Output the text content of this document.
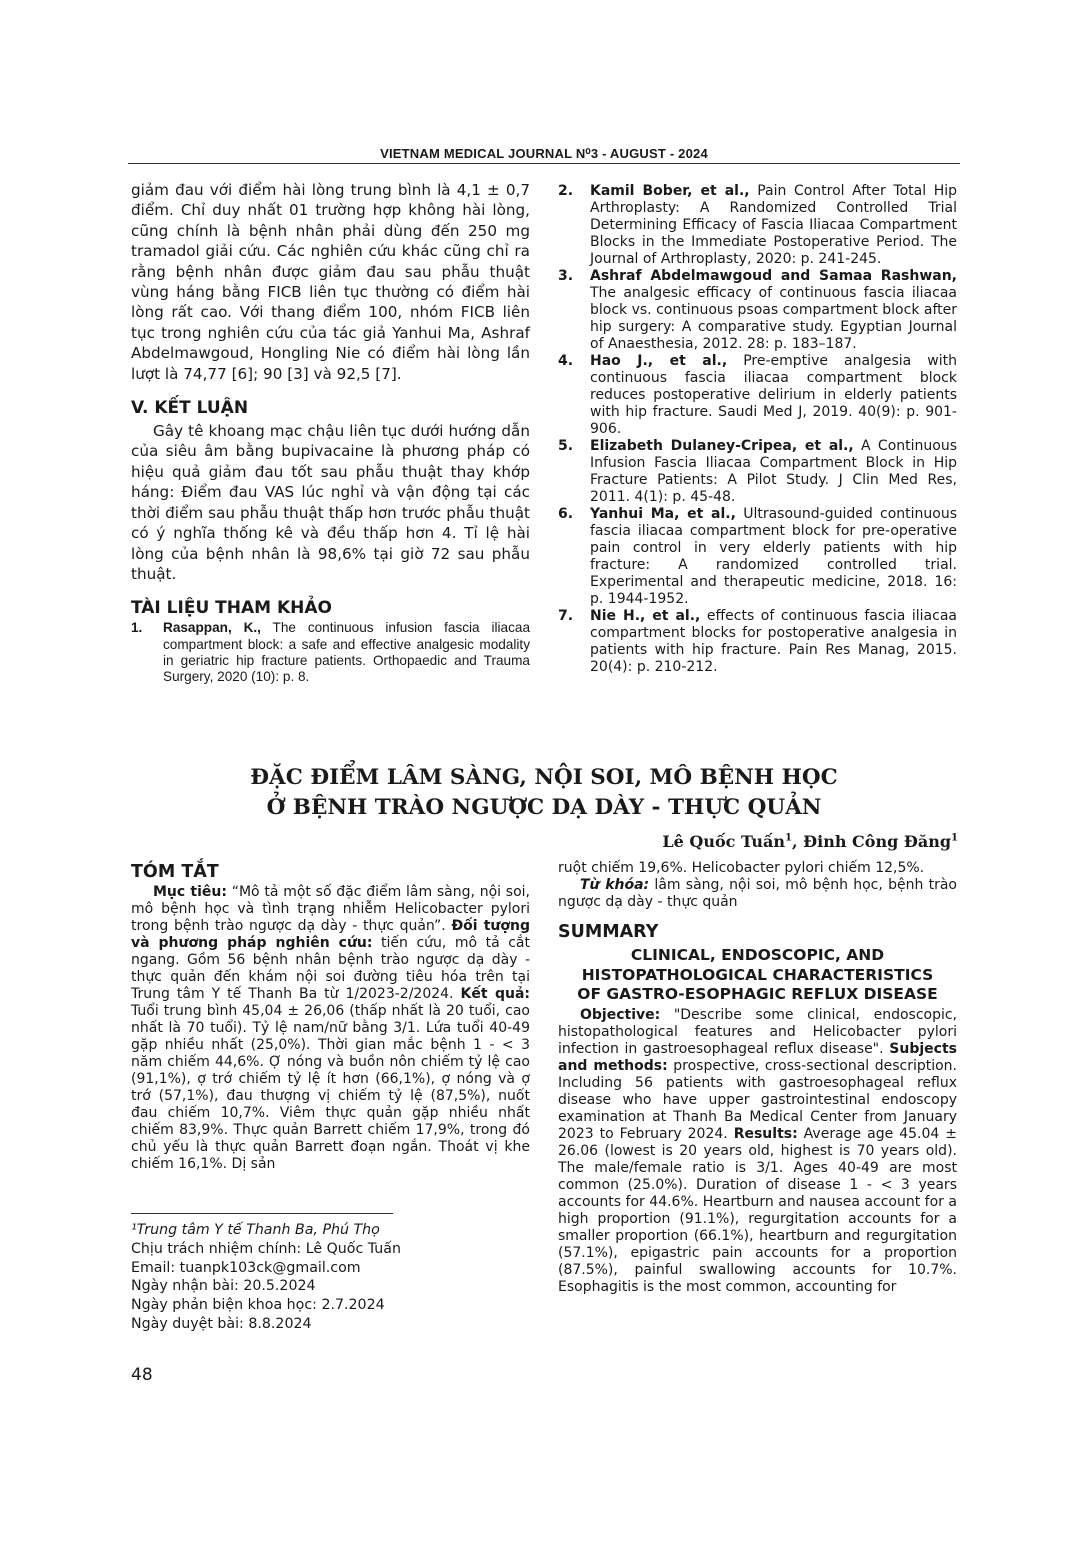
VIETNAM MEDICAL JOURNAL N⁰3 - AUGUST - 2024

giảm đau với điểm hài lòng trung bình là 4,1 ± 0,7 điểm. Chỉ duy nhất 01 trường hợp không hài lòng, cũng chính là bệnh nhân phải dùng đến 250 mg tramadol giải cứu. Các nghiên cứu khác cũng chỉ ra rằng bệnh nhân được giảm đau sau phẫu thuật vùng háng bằng FICB liên tục thường có điểm hài lòng rất cao. Với thang điểm 100, nhóm FICB liên tục trong nghiên cứu của tác giả Yanhui Ma, Ashraf Abdelmawgoud, Hongling Nie có điểm hài lòng lần lượt là 74,77 [6]; 90 [3] và 92,5 [7].

V. KẾT LUẬN

Gây tê khoang mạc chậu liên tục dưới hướng dẫn của siêu âm bằng bupivacaine là phương pháp có hiệu quả giảm đau tốt sau phẫu thuật thay khớp háng: Điểm đau VAS lúc nghỉ và vận động tại các thời điểm sau phẫu thuật thấp hơn trước phẫu thuật có ý nghĩa thống kê và đều thấp hơn 4. Tỉ lệ hài lòng của bệnh nhân là 98,6% tại giờ 72 sau phẫu thuật.

TÀI LIỆU THAM KHẢO
1. Rasappan, K., The continuous infusion fascia iliacaa compartment block: a safe and effective analgesic modality in geriatric hip fracture patients. Orthopaedic and Trauma Surgery, 2020 (10): p. 8.
2. Kamil Bober, et al., Pain Control After Total Hip Arthroplasty: A Randomized Controlled Trial Determining Efficacy of Fascia Iliacaa Compartment Blocks in the Immediate Postoperative Period. The Journal of Arthroplasty, 2020: p. 241-245.
3. Ashraf Abdelmawgoud and Samaa Rashwan, The analgesic efficacy of continuous fascia iliacaa block vs. continuous psoas compartment block after hip surgery: A comparative study. Egyptian Journal of Anaesthesia, 2012. 28: p. 183–187.
4. Hao J., et al., Pre-emptive analgesia with continuous fascia iliacaa compartment block reduces postoperative delirium in elderly patients with hip fracture. Saudi Med J, 2019. 40(9): p. 901-906.
5. Elizabeth Dulaney-Cripea, et al., A Continuous Infusion Fascia Iliacaa Compartment Block in Hip Fracture Patients: A Pilot Study. J Clin Med Res, 2011. 4(1): p. 45-48.
6. Yanhui Ma, et al., Ultrasound-guided continuous fascia iliacaa compartment block for pre-operative pain control in very elderly patients with hip fracture: A randomized controlled trial. Experimental and therapeutic medicine, 2018. 16: p. 1944-1952.
7. Nie H., et al., effects of continuous fascia iliacaa compartment blocks for postoperative analgesia in patients with hip fracture. Pain Res Manag, 2015. 20(4): p. 210-212.
ĐẶC ĐIỂM LÂM SÀNG, NỘI SOI, MÔ BỆNH HỌC
Ở BỆNH TRÀO NGƯỢC DẠ DÀY - THỰC QUẢN
Lê Quốc Tuấn$^1$, Đinh Công Đăng$^1$
TÓM TẮT

Mục tiêu: “Mô tả một số đặc điểm lâm sàng, nội soi, mô bệnh học và tình trạng nhiễm Helicobacter pylori trong bệnh trào ngược dạ dày - thực quản”. Đối tượng và phương pháp nghiên cứu: tiến cứu, mô tả cắt ngang. Gồm 56 bệnh nhân bệnh trào ngược dạ dày - thực quản đến khám nội soi đường tiêu hóa trên tại Trung tâm Y tế Thanh Ba từ 1/2023-2/2024. Kết quả: Tuổi trung bình 45,04 ± 26,06 (thấp nhất là 20 tuổi, cao nhất là 70 tuổi). Tỷ lệ nam/nữ bằng 3/1. Lứa tuổi 40-49 gặp nhiều nhất (25,0%). Thời gian mắc bệnh 1 - < 3 năm chiếm 44,6%. Ợ nóng và buồn nôn chiếm tỷ lệ cao (91,1%), ợ trớ chiếm tỷ lệ ít hơn (66,1%), ợ nóng và ợ trớ (57,1%), đau thượng vị chiếm tỷ lệ (87,5%), nuốt đau chiếm 10,7%. Viêm thực quản gặp nhiều nhất chiếm 83,9%. Thực quản Barrett chiếm 17,9%, trong đó chủ yếu là thực quản Barrett đoạn ngắn. Thoát vị khe chiếm 16,1%. Dị sản

¹Trung tâm Y tế Thanh Ba, Phú Thọ
Chịu trách nhiệm chính: Lê Quốc Tuấn
Email: tuanpk103ck@gmail.com
Ngày nhận bài: 20.5.2024
Ngày phản biện khoa học: 2.7.2024
Ngày duyệt bài: 8.8.2024
48

ruột chiếm 19,6%. Helicobacter pylori chiếm 12,5%.

Từ khóa: lâm sàng, nội soi, mô bệnh học, bệnh trào ngược dạ dày - thực quản

SUMMARY

CLINICAL, ENDOSCOPIC, AND

HISTOPATHOLOGICAL CHARACTERISTICS

OF GASTRO-ESOPHAGIC REFLUX DISEASE

Objective: "Describe some clinical, endoscopic, histopathological features and Helicobacter pylori infection in gastroesophageal reflux disease". Subjects and methods: prospective, cross-sectional description. Including 56 patients with gastroesophageal reflux disease who have upper gastrointestinal endoscopy examination at Thanh Ba Medical Center from January 2023 to February 2024. Results: Average age 45.04 ± 26.06 (lowest is 20 years old, highest is 70 years old). The male/female ratio is 3/1. Ages 40-49 are most common (25.0%). Duration of disease 1 - < 3 years accounts for 44.6%. Heartburn and nausea account for a high proportion (91.1%), regurgitation accounts for a smaller proportion (66.1%), heartburn and regurgitation (57.1%), epigastric pain accounts for a proportion (87.5%), painful swallowing accounts for 10.7%. Esophagitis is the most common, accounting for
